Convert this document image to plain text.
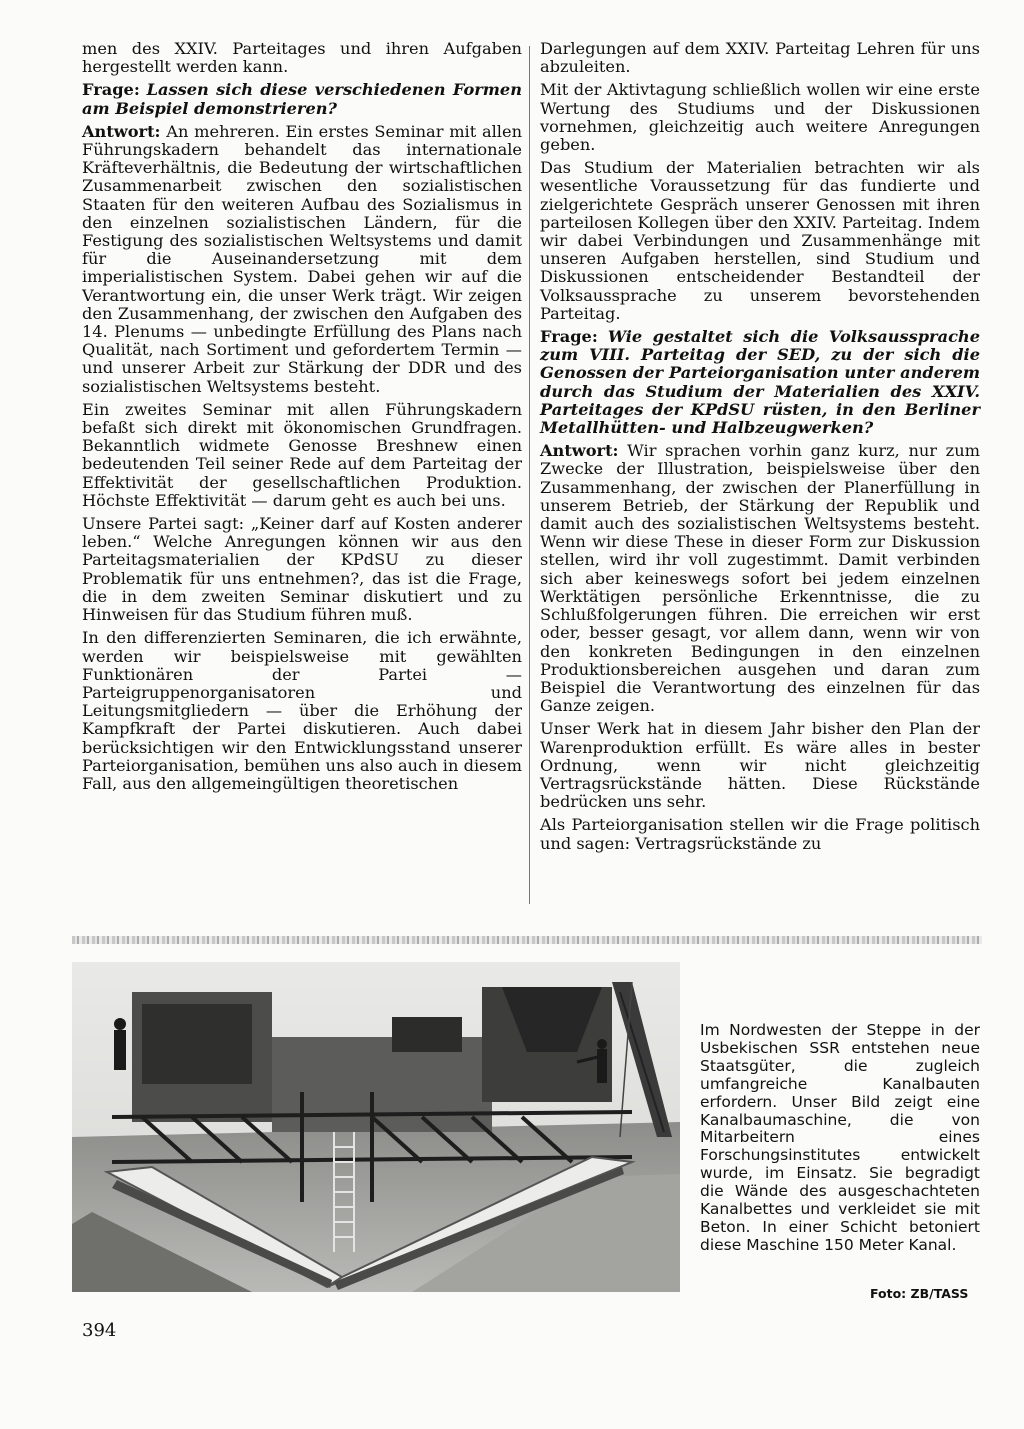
men des XXIV. Parteitages und ihren Aufgaben hergestellt werden kann.

Frage: Lassen sich diese verschiedenen Formen am Beispiel demonstrieren?

Antwort: An mehreren. Ein erstes Seminar mit allen Führungskadern behandelt das internationale Kräfteverhältnis, die Bedeutung der wirtschaftlichen Zusammenarbeit zwischen den sozialistischen Staaten für den weiteren Aufbau des Sozialismus in den einzelnen sozialistischen Ländern, für die Festigung des sozialistischen Weltsystems und damit für die Auseinandersetzung mit dem imperialistischen System. Dabei gehen wir auf die Verantwortung ein, die unser Werk trägt. Wir zeigen den Zusammenhang, der zwischen den Aufgaben des 14. Plenums — unbedingte Erfüllung des Plans nach Qualität, nach Sortiment und gefordertem Termin — und unserer Arbeit zur Stärkung der DDR und des sozialistischen Weltsystems besteht.

Ein zweites Seminar mit allen Führungskadern befaßt sich direkt mit ökonomischen Grundfragen. Bekanntlich widmete Genosse Breshnew einen bedeutenden Teil seiner Rede auf dem Parteitag der Effektivität der gesellschaftlichen Produktion. Höchste Effektivität — darum geht es auch bei uns.

Unsere Partei sagt: „Keiner darf auf Kosten anderer leben.“ Welche Anregungen können wir aus den Parteitagsmaterialien der KPdSU zu dieser Problematik für uns entnehmen?, das ist die Frage, die in dem zweiten Seminar diskutiert und zu Hinweisen für das Studium führen muß.

In den differenzierten Seminaren, die ich erwähnte, werden wir beispielsweise mit gewählten Funktionären der Partei — Parteigruppenorganisatoren und Leitungsmitgliedern — über die Erhöhung der Kampfkraft der Partei diskutieren. Auch dabei berücksichtigen wir den Entwicklungsstand unserer Parteiorganisation, bemühen uns also auch in diesem Fall, aus den allgemeingültigen theoretischen

Darlegungen auf dem XXIV. Parteitag Lehren für uns abzuleiten.

Mit der Aktivtagung schließlich wollen wir eine erste Wertung des Studiums und der Diskussionen vornehmen, gleichzeitig auch weitere Anregungen geben.

Das Studium der Materialien betrachten wir als wesentliche Voraussetzung für das fundierte und zielgerichtete Gespräch unserer Genossen mit ihren parteilosen Kollegen über den XXIV. Parteitag. Indem wir dabei Verbindungen und Zusammenhänge mit unseren Aufgaben herstellen, sind Studium und Diskussionen entscheidender Bestandteil der Volksaussprache zu unserem bevorstehenden Parteitag.

Frage: Wie gestaltet sich die Volksaussprache zum VIII. Parteitag der SED, zu der sich die Genossen der Parteiorganisation unter anderem durch das Studium der Materialien des XXIV. Parteitages der KPdSU rüsten, in den Berliner Metallhütten- und Halbzeugwerken?

Antwort: Wir sprachen vorhin ganz kurz, nur zum Zwecke der Illustration, beispielsweise über den Zusammenhang, der zwischen der Planerfüllung in unserem Betrieb, der Stärkung der Republik und damit auch des sozialistischen Weltsystems besteht. Wenn wir diese These in dieser Form zur Diskussion stellen, wird ihr voll zugestimmt. Damit verbinden sich aber keineswegs sofort bei jedem einzelnen Werktätigen persönliche Erkenntnisse, die zu Schlußfolgerungen führen. Die erreichen wir erst oder, besser gesagt, vor allem dann, wenn wir von den konkreten Bedingungen in den einzelnen Produktionsbereichen ausgehen und daran zum Beispiel die Verantwortung des einzelnen für das Ganze zeigen.

Unser Werk hat in diesem Jahr bisher den Plan der Warenproduktion erfüllt. Es wäre alles in bester Ordnung, wenn wir nicht gleichzeitig Vertragsrückstände hätten. Diese Rückstände bedrücken uns sehr.

Als Parteiorganisation stellen wir die Frage politisch und sagen: Vertragsrückstände zu

Im Nordwesten der Steppe in der Usbekischen SSR entstehen neue Staatsgüter, die zugleich umfangreiche Kanalbauten erfordern. Unser Bild zeigt eine Kanalbaumaschine, die von Mitarbeitern eines Forschungsinstitutes entwickelt wurde, im Einsatz. Sie begradigt die Wände des ausgeschachteten Kanalbettes und verkleidet sie mit Beton. In einer Schicht betoniert diese Maschine 150 Meter Kanal.
Foto: ZB/TASS
394
